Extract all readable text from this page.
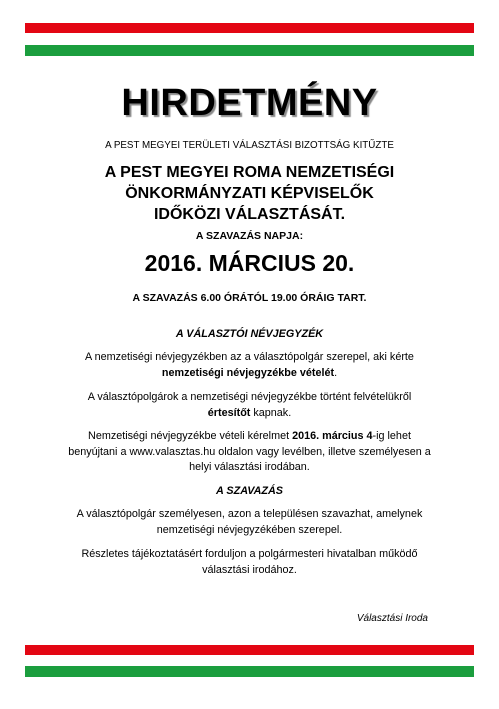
HIRDETMÉNY
A PEST MEGYEI TERÜLETI VÁLASZTÁSI BIZOTTSÁG KITŰZTE
A PEST MEGYEI ROMA NEMZETISÉGI
ÖNKORMÁNYZATI KÉPVISELŐK
IDŐKÖZI VÁLASZTÁSÁT.
A SZAVAZÁS NAPJA:
2016. MÁRCIUS 20.
A SZAVAZÁS 6.00 ÓRÁTÓL 19.00 ÓRÁIG TART.
A VÁLASZTÓI NÉVJEGYZÉK
A nemzetiségi névjegyzékben az a választópolgár szerepel, aki kérte
nemzetiségi névjegyzékbe vételét.
A választópolgárok a nemzetiségi névjegyzékbe történt felvételükről
értesítőt kapnak.
Nemzetiségi névjegyzékbe vételi kérelmet 2016. március 4-ig lehet
benyújtani a www.valasztas.hu oldalon vagy levélben, illetve személyesen a
helyi választási irodában.
A SZAVAZÁS
A választópolgár személyesen, azon a településen szavazhat, amelynek
nemzetiségi névjegyzékében szerepel.
Részletes tájékoztatásért forduljon a polgármesteri hivatalban működő
választási irodához.
Választási Iroda
